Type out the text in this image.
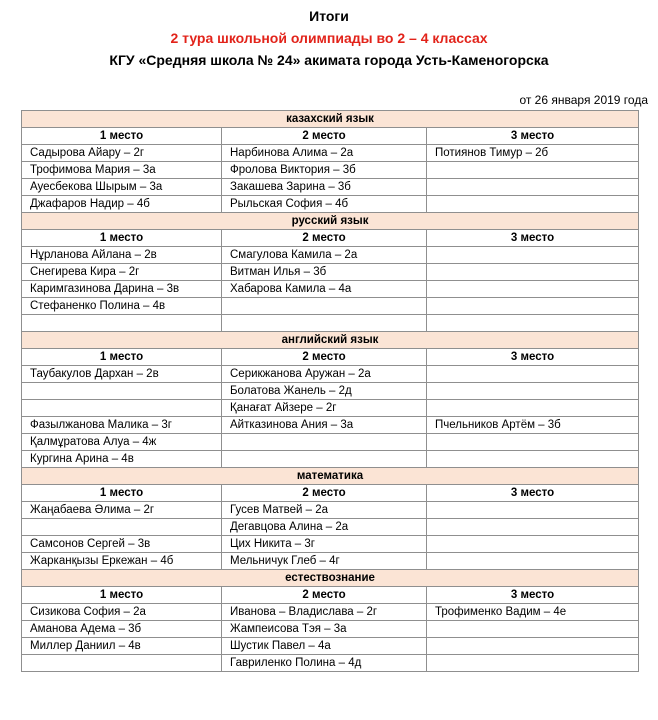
Итоги
2 тура школьной олимпиады во 2 – 4 классах
КГУ «Средняя школа № 24» акимата города Усть-Каменогорска
от 26 января 2019 года
казахский язык		
1 место	2 место	3 место
Садырова Айару – 2г	Нарбинова Алима – 2а	Потиянов Тимур – 2б
Трофимова Мария – 3а	Фролова Виктория – 3б	
Ауесбекова Шырым – 3а	Закашева Зарина – 3б	
Джафаров Надир – 4б	Рыльская София – 4б	
русский язык		
1 место	2 место	3 место
Нұрланова Айлана – 2в	Смагулова Камила – 2а	
Снегирева Кира – 2г	Витман Илья – 3б	
Каримгазинова Дарина – 3в	Хабарова Камила – 4а	
Стефаненко Полина – 4в		

английский язык		
1 место	2 место	3 место
Таубакулов Дархан – 2в	Серикжанова Аружан – 2а	
	Болатова Жанель – 2д	
	Қанағат Айзере – 2г	
Фазылжанова Малика – 3г	Айтказинова Ания – 3а	Пчельников Артём – 3б
Қалмұратова Алуа – 4ж		
Кургина Арина – 4в		
математика		
1 место	2 место	3 место
Жаңабаева Әлима – 2г	Гусев Матвей – 2а	
	Дегавцова Алина – 2а	
Самсонов Сергей – 3в	Цих Никита – 3г	
Жарканқызы Еркежан – 4б	Мельничук Глеб – 4г	
естествознание		
1 место	2 место	3 место
Сизикова София – 2а	Иванова – Владислава – 2г	Трофименко Вадим – 4е
Аманова Адема – 3б	Жампеисова Тэя – 3а	
Миллер Даниил – 4в	Шустик Павел – 4а	
	Гавриленко Полина – 4д	
